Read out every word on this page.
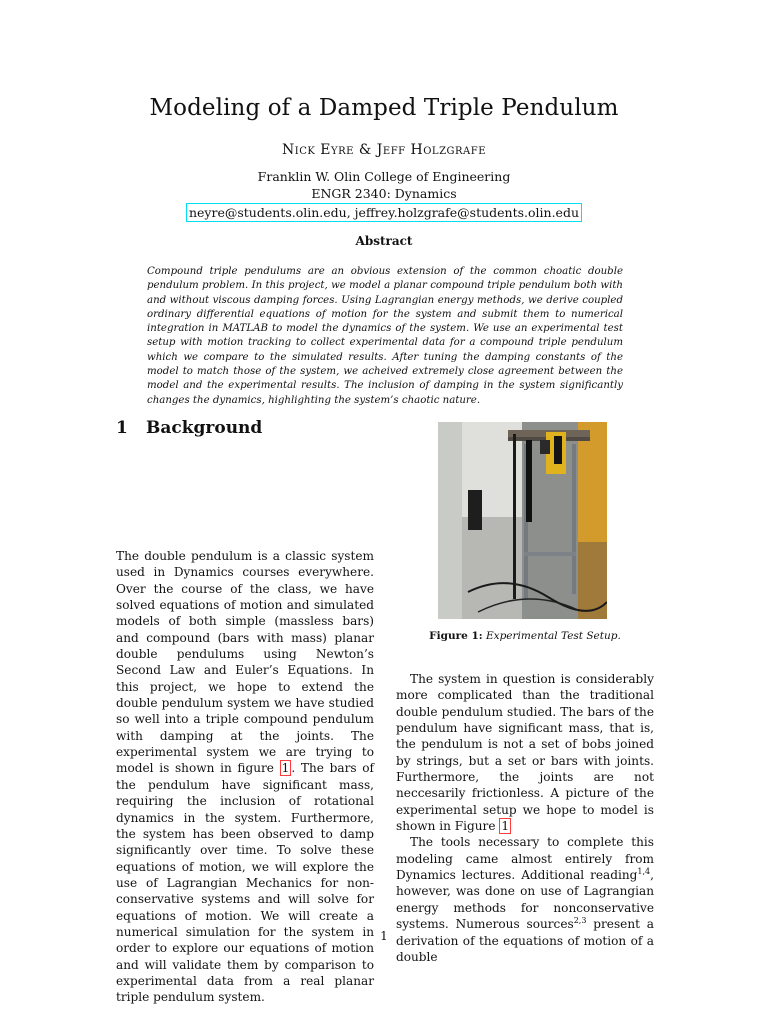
Modeling of a Damped Triple Pendulum
Nick Eyre & Jeff Holzgrafe
Franklin W. Olin College of Engineering
ENGR 2340: Dynamics
neyre@students.olin.edu, jeffrey.holzgrafe@students.olin.edu
Abstract

Compound triple pendulums are an obvious extension of the common choatic double pendulum problem. In this project, we model a planar compound triple pendulum both with and without viscous damping forces. Using Lagrangian energy methods, we derive coupled ordinary differential equations of motion for the system and submit them to numerical integration in MATLAB to model the dynamics of the system. We use an experimental test setup with motion tracking to collect experimental data for a compound triple pendulum which we compare to the simulated results. After tuning the damping constants of the model to match those of the system, we acheived extremely close agreement between the model and the experimental results. The inclusion of damping in the system significantly changes the dynamics, highlighting the system’s chaotic nature.

1 Background

The double pendulum is a classic system used in Dynamics courses everywhere. Over the course of the class, we have solved equations of motion and simulated models of both simple (massless bars) and compound (bars with mass) planar double pendulums using Newton’s Second Law and Euler’s Equations. In this project, we hope to extend the double pendulum system we have studied so well into a triple compound pendulum with damping at the joints. The experimental system we are trying to model is shown in figure 1 . The bars of the pendulum have significant mass, requiring the inclusion of rotational dynamics in the system. Furthermore, the system has been observed to damp significantly over time. To solve these equations of motion, we will explore the use of Lagrangian Mechanics for non-conservative systems and will solve for equations of motion. We will create a numerical simulation for the system in order to explore our equations of motion and will validate them by comparison to experimental data from a real planar triple pendulum system.

Figure 1: Experimental Test Setup.

The system in question is considerably more complicated than the traditional double pendulum studied. The bars of the pendulum have significant mass, that is, the pendulum is not a set of bobs joined by strings, but a set or bars with joints. Furthermore, the joints are not neccesarily frictionless. A picture of the experimental setup we hope to model is shown in Figure 1

The tools necessary to complete this modeling came almost entirely from Dynamics lectures. Additional reading$^{1,4}$, however, was done on use of Lagrangian energy methods for nonconservative systems. Numerous sources$^{2,3}$ present a derivation of the equations of motion of a double

1
